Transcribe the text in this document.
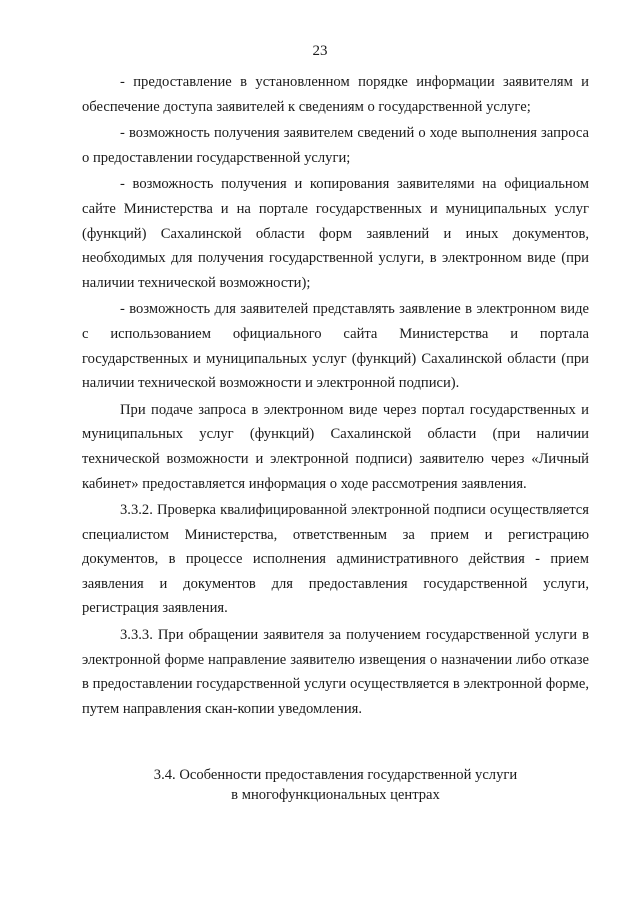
23

- предоставление в установленном порядке информации заявителям и обеспечение доступа заявителей к сведениям о государственной услуге;

- возможность получения заявителем сведений о ходе выполнения запроса о предоставлении государственной услуги;

- возможность получения и копирования заявителями на официальном сайте Министерства и на портале государственных и муниципальных услуг (функций) Сахалинской области форм заявлений и иных документов, необходимых для получения государственной услуги, в электронном виде (при наличии технической возможности);

- возможность для заявителей представлять заявление в электронном виде с использованием официального сайта Министерства и портала государственных и муниципальных услуг (функций) Сахалинской области (при наличии технической возможности и электронной подписи).

При подаче запроса в электронном виде через портал государственных и муниципальных услуг (функций) Сахалинской области (при наличии технической возможности и электронной подписи) заявителю через «Личный кабинет» предоставляется информация о ходе рассмотрения заявления.

3.3.2. Проверка квалифицированной электронной подписи осуществляется специалистом Министерства, ответственным за прием и регистрацию документов, в процессе исполнения административного действия - прием заявления и документов для предоставления государственной услуги, регистрация заявления.

3.3.3. При обращении заявителя за получением государственной услуги в электронной форме направление заявителю извещения о назначении либо отказе в предоставлении государственной услуги осуществляется в электронной форме, путем направления скан-копии уведомления.

3.4. Особенности предоставления государственной услуги
в многофункциональных центрах
